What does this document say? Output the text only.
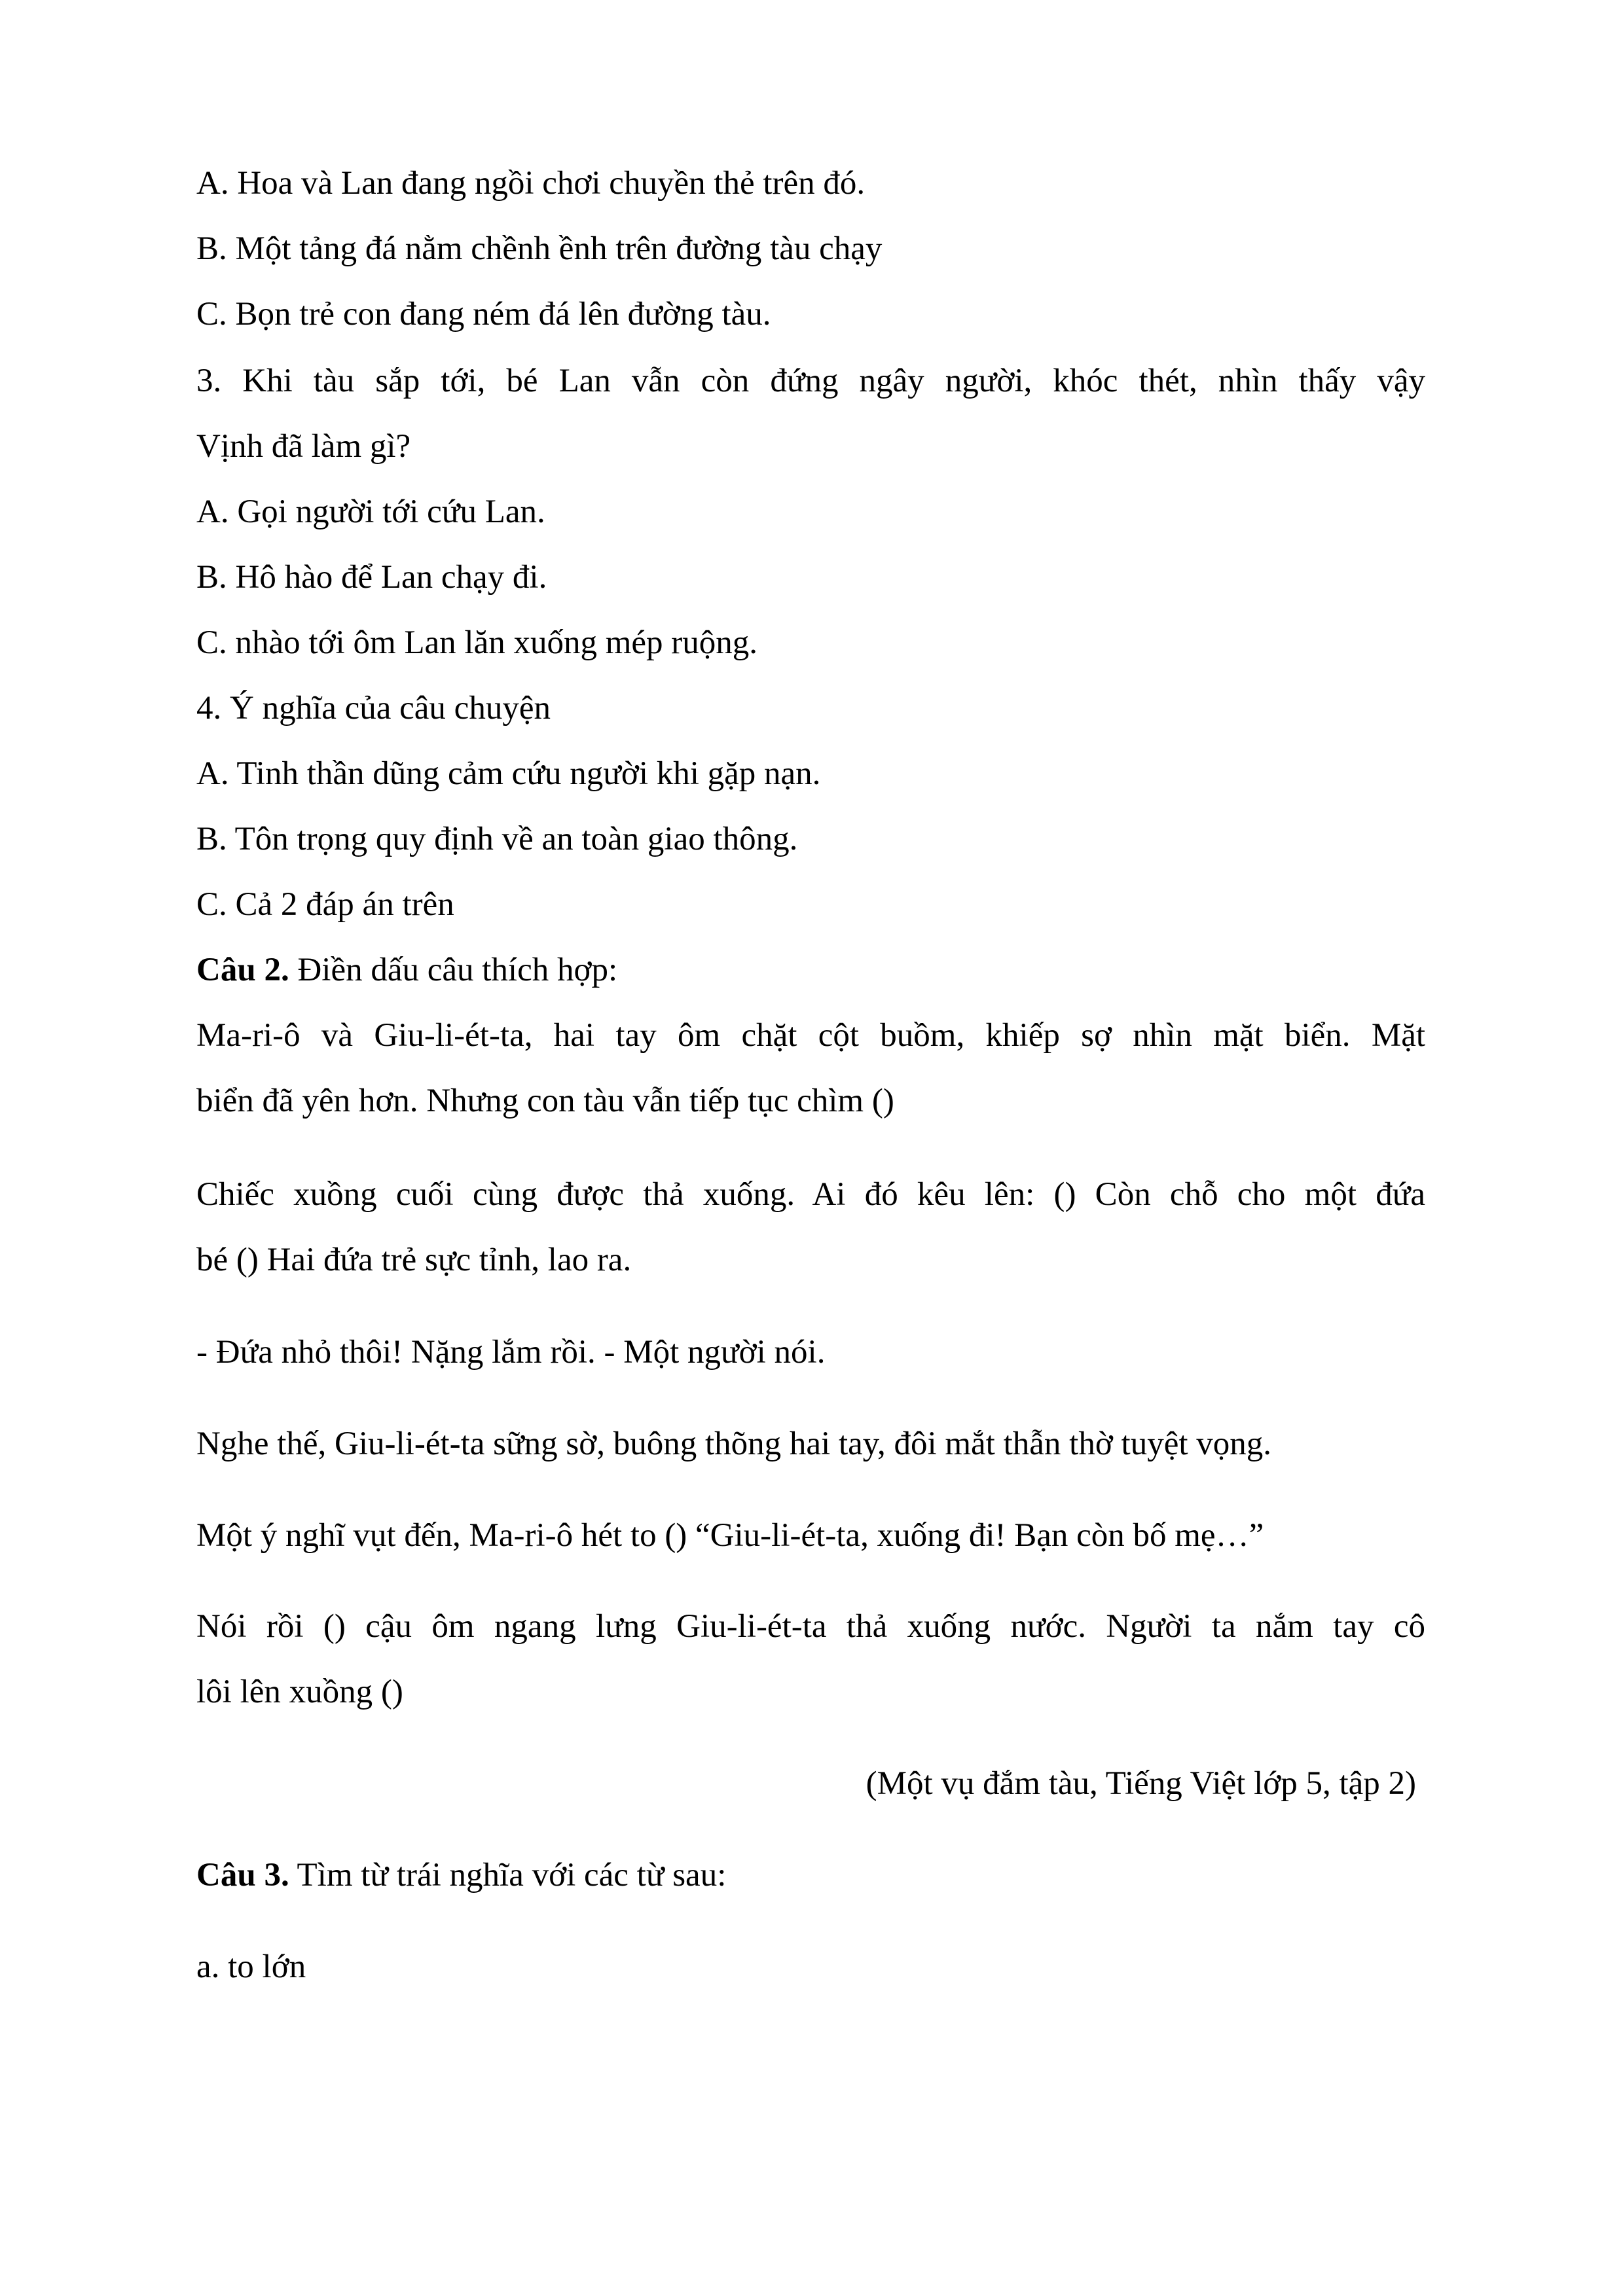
A. Hoa và Lan đang ngồi chơi chuyền thẻ trên đó.
B. Một tảng đá nằm chềnh ềnh trên đường tàu chạy
C. Bọn trẻ con đang ném đá lên đường tàu.
3. Khi tàu sắp tới, bé Lan vẫn còn đứng ngây người, khóc thét, nhìn thấy vậy
Vịnh đã làm gì?
A. Gọi người tới cứu Lan.
B. Hô hào để Lan chạy đi.
C. nhào tới ôm Lan lăn xuống mép ruộng.
4. Ý nghĩa của câu chuyện
A. Tinh thần dũng cảm cứu người khi gặp nạn.
B. Tôn trọng quy định về an toàn giao thông.
C. Cả 2 đáp án trên
Câu 2. Điền dấu câu thích hợp:
Ma-ri-ô và Giu-li-ét-ta, hai tay ôm chặt cột buồm, khiếp sợ nhìn mặt biển. Mặt
biển đã yên hơn. Nhưng con tàu vẫn tiếp tục chìm ()
Chiếc xuồng cuối cùng được thả xuống. Ai đó kêu lên: () Còn chỗ cho một đứa
bé () Hai đứa trẻ sực tỉnh, lao ra.
- Đứa nhỏ thôi! Nặng lắm rồi. - Một người nói.
Nghe thế, Giu-li-ét-ta sững sờ, buông thõng hai tay, đôi mắt thẫn thờ tuyệt vọng.
Một ý nghĩ vụt đến, Ma-ri-ô hét to () “Giu-li-ét-ta, xuống đi! Bạn còn bố mẹ…”
Nói rồi () cậu ôm ngang lưng Giu-li-ét-ta thả xuống nước. Người ta nắm tay cô
lôi lên xuồng ()
(Một vụ đắm tàu, Tiếng Việt lớp 5, tập 2)
Câu 3. Tìm từ trái nghĩa với các từ sau:
a. to lớn
